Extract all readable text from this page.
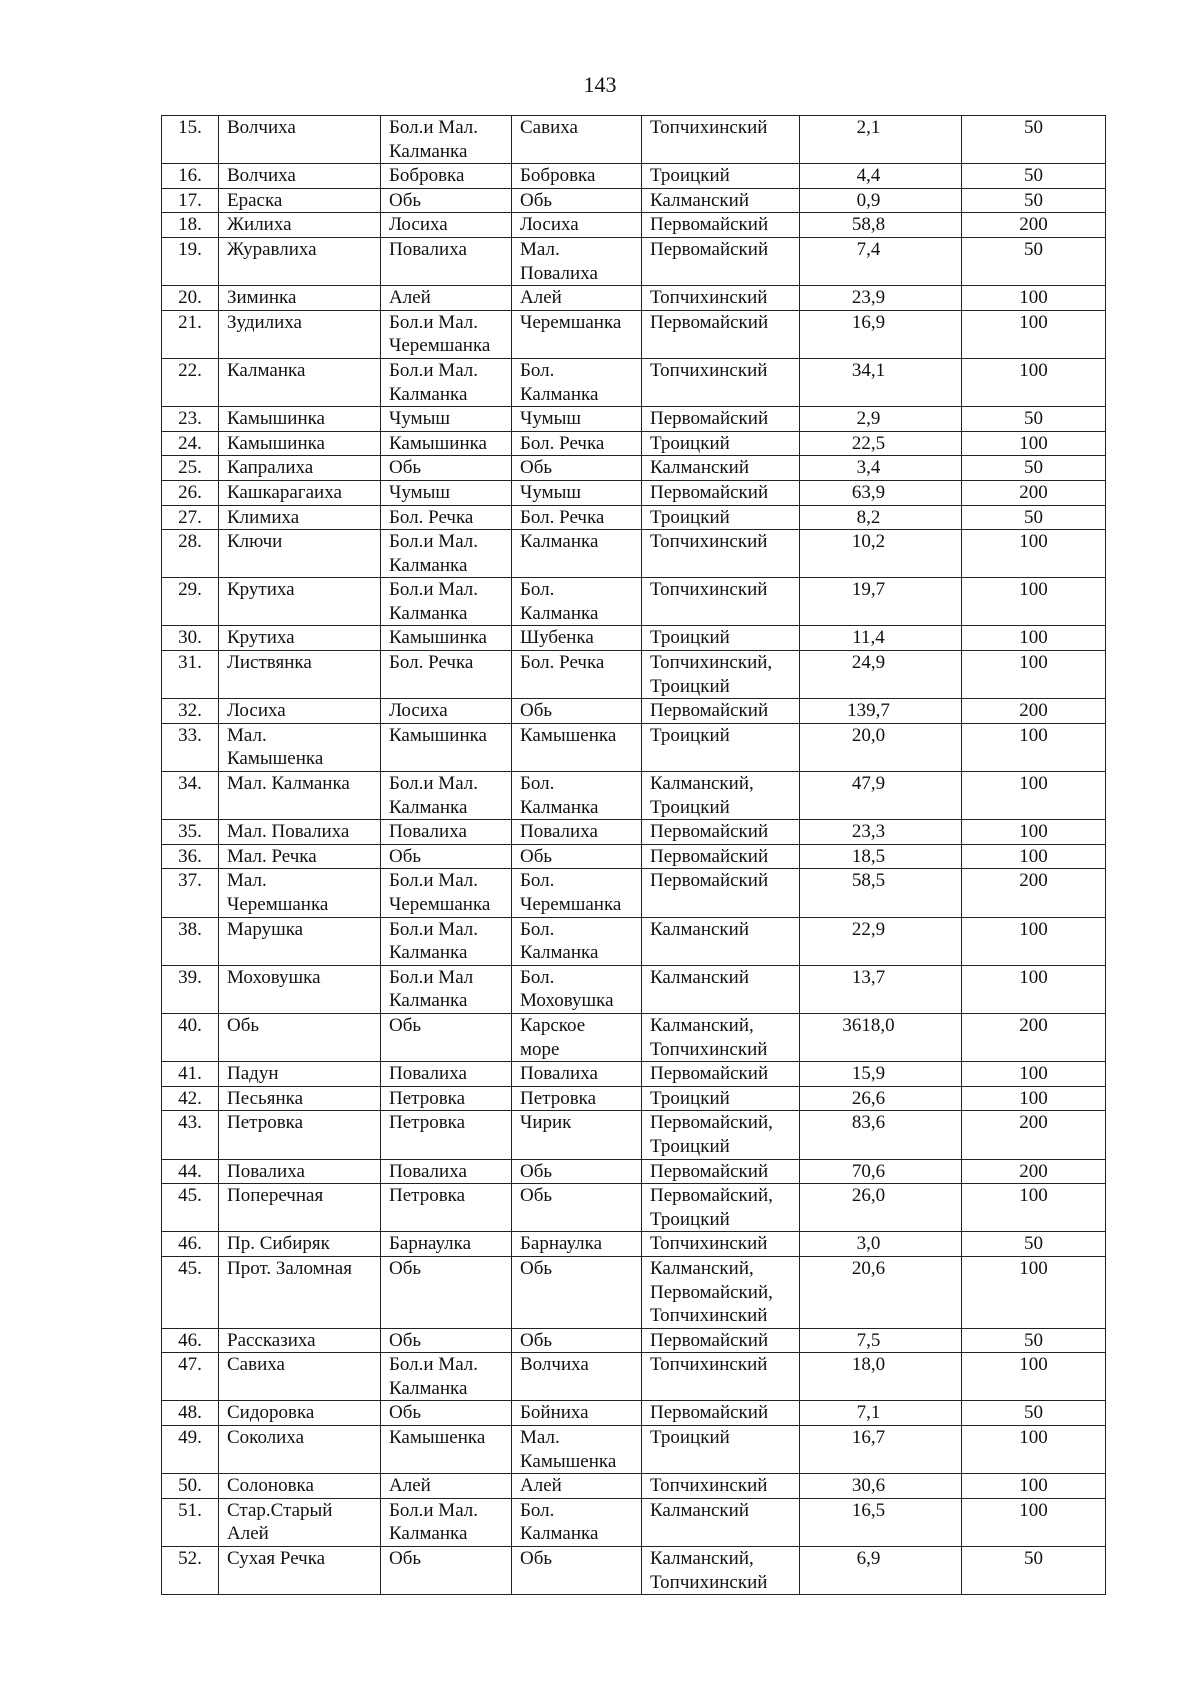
143
15.	Волчиха	Бол.и Мал.
Калманка	Савиха	Топчихинский	2,1	50
16.	Волчиха	Бобровка	Бобровка	Троицкий	4,4	50
17.	Ераска	Обь	Обь	Калманский	0,9	50
18.	Жилиха	Лосиха	Лосиха	Первомайский	58,8	200
19.	Журавлиха	Повалиха	Мал.
Повалиха	Первомайский	7,4	50
20.	Зиминка	Алей	Алей	Топчихинский	23,9	100
21.	Зудилиха	Бол.и Мал.
Черемшанка	Черемшанка	Первомайский	16,9	100
22.	Калманка	Бол.и Мал.
Калманка	Бол.
Калманка	Топчихинский	34,1	100
23.	Камышинка	Чумыш	Чумыш	Первомайский	2,9	50
24.	Камышинка	Камышинка	Бол. Речка	Троицкий	22,5	100
25.	Капралиха	Обь	Обь	Калманский	3,4	50
26.	Кашкарагаиха	Чумыш	Чумыш	Первомайский	63,9	200
27.	Климиха	Бол. Речка	Бол. Речка	Троицкий	8,2	50
28.	Ключи	Бол.и Мал.
Калманка	Калманка	Топчихинский	10,2	100
29.	Крутиха	Бол.и Мал.
Калманка	Бол.
Калманка	Топчихинский	19,7	100
30.	Крутиха	Камышинка	Шубенка	Троицкий	11,4	100
31.	Листвянка	Бол. Речка	Бол. Речка	Топчихинский,
Троицкий	24,9	100
32.	Лосиха	Лосиха	Обь	Первомайский	139,7	200
33.	Мал.
Камышенка	Камышинка	Камышенка	Троицкий	20,0	100
34.	Мал. Калманка	Бол.и Мал.
Калманка	Бол.
Калманка	Калманский,
Троицкий	47,9	100
35.	Мал. Повалиха	Повалиха	Повалиха	Первомайский	23,3	100
36.	Мал. Речка	Обь	Обь	Первомайский	18,5	100
37.	Мал.
Черемшанка	Бол.и Мал.
Черемшанка	Бол.
Черемшанка	Первомайский	58,5	200
38.	Марушка	Бол.и Мал.
Калманка	Бол.
Калманка	Калманский	22,9	100
39.	Моховушка	Бол.и Мал
Калманка	Бол.
Моховушка	Калманский	13,7	100
40.	Обь	Обь	Карское
море	Калманский,
Топчихинский	3618,0	200
41.	Падун	Повалиха	Повалиха	Первомайский	15,9	100
42.	Песьянка	Петровка	Петровка	Троицкий	26,6	100
43.	Петровка	Петровка	Чирик	Первомайский,
Троицкий	83,6	200
44.	Повалиха	Повалиха	Обь	Первомайский	70,6	200
45.	Поперечная	Петровка	Обь	Первомайский,
Троицкий	26,0	100
46.	Пр. Сибиряк	Барнаулка	Барнаулка	Топчихинский	3,0	50
45.	Прот. Заломная	Обь	Обь	Калманский,
Первомайский,
Топчихинский	20,6	100
46.	Рассказиха	Обь	Обь	Первомайский	7,5	50
47.	Савиха	Бол.и Мал.
Калманка	Волчиха	Топчихинский	18,0	100
48.	Сидоровка	Обь	Бойниха	Первомайский	7,1	50
49.	Соколиха	Камышенка	Мал.
Камышенка	Троицкий	16,7	100
50.	Солоновка	Алей	Алей	Топчихинский	30,6	100
51.	Стар.Старый
Алей	Бол.и Мал.
Калманка	Бол.
Калманка	Калманский	16,5	100
52.	Сухая Речка	Обь	Обь	Калманский,
Топчихинский	6,9	50
